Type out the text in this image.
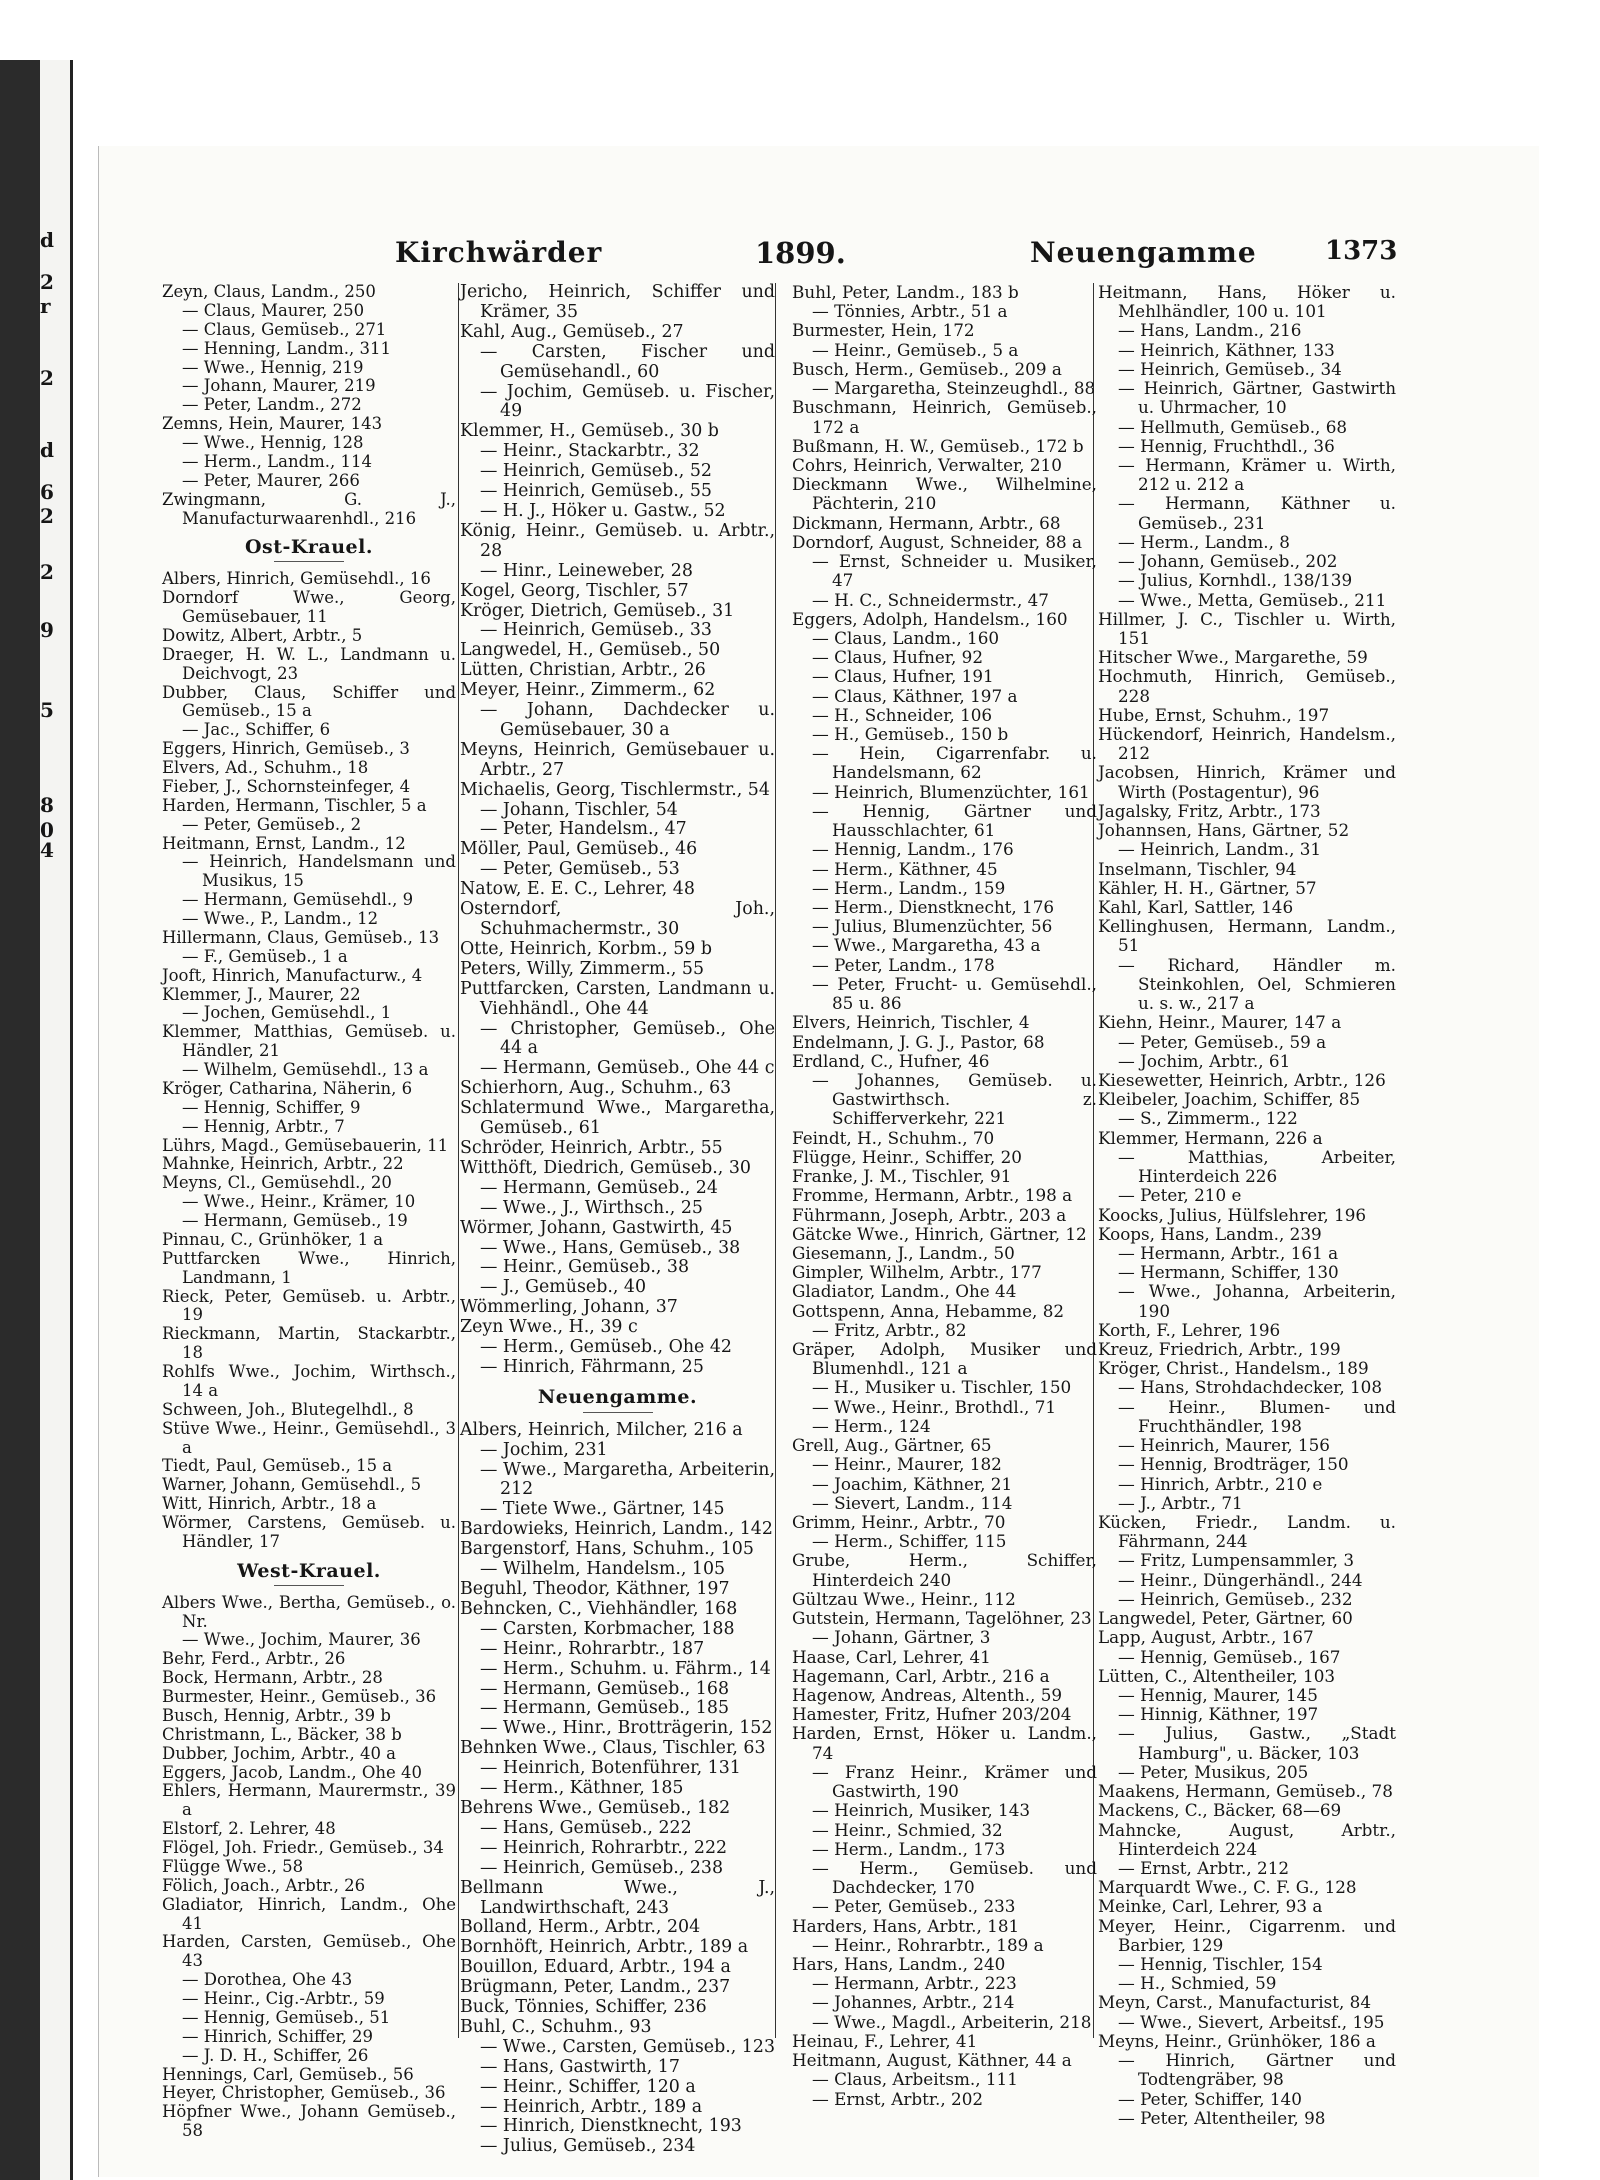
d
2
r
2
d
6
2
2
9
5
8
0
4
Kirchwärder	1899.	Neuengamme	1373
Zeyn, Claus, Landm., 250
— Claus, Maurer, 250
— Claus, Gemüseb., 271
— Henning, Landm., 311
— Wwe., Hennig, 219
— Johann, Maurer, 219
— Peter, Landm., 272
Zemns, Hein, Maurer, 143
— Wwe., Hennig, 128
— Herm., Landm., 114
— Peter, Maurer, 266
Zwingmann, G. J., Manufacturwaarenhdl., 216
Ost-Krauel.
Albers, Hinrich, Gemüsehdl., 16
Dorndorf Wwe., Georg, Gemüsebauer, 11
Dowitz, Albert, Arbtr., 5
Draeger, H. W. L., Landmann u. Deichvogt, 23
Dubber, Claus, Schiffer und Gemüseb., 15 a
— Jac., Schiffer, 6
Eggers, Hinrich, Gemüseb., 3
Elvers, Ad., Schuhm., 18
Fieber, J., Schornsteinfeger, 4
Harden, Hermann, Tischler, 5 a
— Peter, Gemüseb., 2
Heitmann, Ernst, Landm., 12
— Heinrich, Handelsmann und Musikus, 15
— Hermann, Gemüsehdl., 9
— Wwe., P., Landm., 12
Hillermann, Claus, Gemüseb., 13
— F., Gemüseb., 1 a
Jooft, Hinrich, Manufacturw., 4
Klemmer, J., Maurer, 22
— Jochen, Gemüsehdl., 1
Klemmer, Matthias, Gemüseb. u. Händler, 21
— Wilhelm, Gemüsehdl., 13 a
Kröger, Catharina, Näherin, 6
— Hennig, Schiffer, 9
— Hennig, Arbtr., 7
Lührs, Magd., Gemüsebauerin, 11
Mahnke, Heinrich, Arbtr., 22
Meyns, Cl., Gemüsehdl., 20
— Wwe., Heinr., Krämer, 10
— Hermann, Gemüseb., 19
Pinnau, C., Grünhöker, 1 a
Puttfarcken Wwe., Hinrich, Landmann, 1
Rieck, Peter, Gemüseb. u. Arbtr., 19
Rieckmann, Martin, Stackarbtr., 18
Rohlfs Wwe., Jochim, Wirthsch., 14 a
Schween, Joh., Blutegelhdl., 8
Stüve Wwe., Heinr., Gemüsehdl., 3 a
Tiedt, Paul, Gemüseb., 15 a
Warner, Johann, Gemüsehdl., 5
Witt, Hinrich, Arbtr., 18 a
Wörmer, Carstens, Gemüseb. u. Händler, 17
West-Krauel.
Albers Wwe., Bertha, Gemüseb., o. Nr.
— Wwe., Jochim, Maurer, 36
Behr, Ferd., Arbtr., 26
Bock, Hermann, Arbtr., 28
Burmester, Heinr., Gemüseb., 36
Busch, Hennig, Arbtr., 39 b
Christmann, L., Bäcker, 38 b
Dubber, Jochim, Arbtr., 40 a
Eggers, Jacob, Landm., Ohe 40
Ehlers, Hermann, Maurermstr., 39 a
Elstorf, 2. Lehrer, 48
Flögel, Joh. Friedr., Gemüseb., 34
Flügge Wwe., 58
Fölich, Joach., Arbtr., 26
Gladiator, Hinrich, Landm., Ohe 41
Harden, Carsten, Gemüseb., Ohe 43
— Dorothea, Ohe 43
— Heinr., Cig.-Arbtr., 59
— Hennig, Gemüseb., 51
— Hinrich, Schiffer, 29
— J. D. H., Schiffer, 26
Hennings, Carl, Gemüseb., 56
Heyer, Christopher, Gemüseb., 36
Höpfner Wwe., Johann Gemüseb., 58
Jericho, Heinrich, Schiffer und Krämer, 35
Kahl, Aug., Gemüseb., 27
— Carsten, Fischer und Gemüsehandl., 60
— Jochim, Gemüseb. u. Fischer, 49
Klemmer, H., Gemüseb., 30 b
— Heinr., Stackarbtr., 32
— Heinrich, Gemüseb., 52
— Heinrich, Gemüseb., 55
— H. J., Höker u. Gastw., 52
König, Heinr., Gemüseb. u. Arbtr., 28
— Hinr., Leineweber, 28
Kogel, Georg, Tischler, 57
Kröger, Dietrich, Gemüseb., 31
— Heinrich, Gemüseb., 33
Langwedel, H., Gemüseb., 50
Lütten, Christian, Arbtr., 26
Meyer, Heinr., Zimmerm., 62
— Johann, Dachdecker u. Gemüsebauer, 30 a
Meyns, Heinrich, Gemüsebauer u. Arbtr., 27
Michaelis, Georg, Tischlermstr., 54
— Johann, Tischler, 54
— Peter, Handelsm., 47
Möller, Paul, Gemüseb., 46
— Peter, Gemüseb., 53
Natow, E. E. C., Lehrer, 48
Osterndorf, Joh., Schuhmachermstr., 30
Otte, Heinrich, Korbm., 59 b
Peters, Willy, Zimmerm., 55
Puttfarcken, Carsten, Landmann u. Viehhändl., Ohe 44
— Christopher, Gemüseb., Ohe 44 a
— Hermann, Gemüseb., Ohe 44 c
Schierhorn, Aug., Schuhm., 63
Schlatermund Wwe., Margaretha, Gemüseb., 61
Schröder, Heinrich, Arbtr., 55
Witthöft, Diedrich, Gemüseb., 30
— Hermann, Gemüseb., 24
— Wwe., J., Wirthsch., 25
Wörmer, Johann, Gastwirth, 45
— Wwe., Hans, Gemüseb., 38
— Heinr., Gemüseb., 38
— J., Gemüseb., 40
Wömmerling, Johann, 37
Zeyn Wwe., H., 39 c
— Herm., Gemüseb., Ohe 42
— Hinrich, Fährmann, 25
Neuengamme.
Albers, Heinrich, Milcher, 216 a
— Jochim, 231
— Wwe., Margaretha, Arbeiterin, 212
— Tiete Wwe., Gärtner, 145
Bardowieks, Heinrich, Landm., 142
Bargenstorf, Hans, Schuhm., 105
— Wilhelm, Handelsm., 105
Beguhl, Theodor, Käthner, 197
Behncken, C., Viehhändler, 168
— Carsten, Korbmacher, 188
— Heinr., Rohrarbtr., 187
— Herm., Schuhm. u. Fährm., 14
— Hermann, Gemüseb., 168
— Hermann, Gemüseb., 185
— Wwe., Hinr., Brotträgerin, 152
Behnken Wwe., Claus, Tischler, 63
— Heinrich, Botenführer, 131
— Herm., Käthner, 185
Behrens Wwe., Gemüseb., 182
— Hans, Gemüseb., 222
— Heinrich, Rohrarbtr., 222
— Heinrich, Gemüseb., 238
Bellmann Wwe., J., Landwirthschaft, 243
Bolland, Herm., Arbtr., 204
Bornhöft, Heinrich, Arbtr., 189 a
Bouillon, Eduard, Arbtr., 194 a
Brügmann, Peter, Landm., 237
Buck, Tönnies, Schiffer, 236
Buhl, C., Schuhm., 93
— Wwe., Carsten, Gemüseb., 123
— Hans, Gastwirth, 17
— Heinr., Schiffer, 120 a
— Heinrich, Arbtr., 189 a
— Hinrich, Dienstknecht, 193
— Julius, Gemüseb., 234
Buhl, Peter, Landm., 183 b
— Tönnies, Arbtr., 51 a
Burmester, Hein, 172
— Heinr., Gemüseb., 5 a
Busch, Herm., Gemüseb., 209 a
— Margaretha, Steinzeughdl., 88
Buschmann, Heinrich, Gemüseb., 172 a
Bußmann, H. W., Gemüseb., 172 b
Cohrs, Heinrich, Verwalter, 210
Dieckmann Wwe., Wilhelmine, Pächterin, 210
Dickmann, Hermann, Arbtr., 68
Dorndorf, August, Schneider, 88 a
— Ernst, Schneider u. Musiker, 47
— H. C., Schneidermstr., 47
Eggers, Adolph, Handelsm., 160
— Claus, Landm., 160
— Claus, Hufner, 92
— Claus, Hufner, 191
— Claus, Käthner, 197 a
— H., Schneider, 106
— H., Gemüseb., 150 b
— Hein, Cigarrenfabr. u. Handelsmann, 62
— Heinrich, Blumenzüchter, 161
— Hennig, Gärtner und Hausschlachter, 61
— Hennig, Landm., 176
— Herm., Käthner, 45
— Herm., Landm., 159
— Herm., Dienstknecht, 176
— Julius, Blumenzüchter, 56
— Wwe., Margaretha, 43 a
— Peter, Landm., 178
— Peter, Frucht- u. Gemüsehdl., 85 u. 86
Elvers, Heinrich, Tischler, 4
Endelmann, J. G. J., Pastor, 68
Erdland, C., Hufner, 46
— Johannes, Gemüseb. u. Gastwirthsch. z. Schifferverkehr, 221
Feindt, H., Schuhm., 70
Flügge, Heinr., Schiffer, 20
Franke, J. M., Tischler, 91
Fromme, Hermann, Arbtr., 198 a
Führmann, Joseph, Arbtr., 203 a
Gätcke Wwe., Hinrich, Gärtner, 12
Giesemann, J., Landm., 50
Gimpler, Wilhelm, Arbtr., 177
Gladiator, Landm., Ohe 44
Gottspenn, Anna, Hebamme, 82
— Fritz, Arbtr., 82
Gräper, Adolph, Musiker und Blumenhdl., 121 a
— H., Musiker u. Tischler, 150
— Wwe., Heinr., Brothdl., 71
— Herm., 124
Grell, Aug., Gärtner, 65
— Heinr., Maurer, 182
— Joachim, Käthner, 21
— Sievert, Landm., 114
Grimm, Heinr., Arbtr., 70
— Herm., Schiffer, 115
Grube, Herm., Schiffer, Hinterdeich 240
Gültzau Wwe., Heinr., 112
Gutstein, Hermann, Tagelöhner, 23
— Johann, Gärtner, 3
Haase, Carl, Lehrer, 41
Hagemann, Carl, Arbtr., 216 a
Hagenow, Andreas, Altenth., 59
Hamester, Fritz, Hufner 203/204
Harden, Ernst, Höker u. Landm., 74
— Franz Heinr., Krämer und Gastwirth, 190
— Heinrich, Musiker, 143
— Heinr., Schmied, 32
— Herm., Landm., 173
— Herm., Gemüseb. und Dachdecker, 170
— Peter, Gemüseb., 233
Harders, Hans, Arbtr., 181
— Heinr., Rohrarbtr., 189 a
Hars, Hans, Landm., 240
— Hermann, Arbtr., 223
— Johannes, Arbtr., 214
— Wwe., Magdl., Arbeiterin, 218
Heinau, F., Lehrer, 41
Heitmann, August, Käthner, 44 a
— Claus, Arbeitsm., 111
— Ernst, Arbtr., 202
Heitmann, Hans, Höker u. Mehlhändler, 100 u. 101
— Hans, Landm., 216
— Heinrich, Käthner, 133
— Heinrich, Gemüseb., 34
— Heinrich, Gärtner, Gastwirth u. Uhrmacher, 10
— Hellmuth, Gemüseb., 68
— Hennig, Fruchthdl., 36
— Hermann, Krämer u. Wirth, 212 u. 212 a
— Hermann, Käthner u. Gemüseb., 231
— Herm., Landm., 8
— Johann, Gemüseb., 202
— Julius, Kornhdl., 138/139
— Wwe., Metta, Gemüseb., 211
Hillmer, J. C., Tischler u. Wirth, 151
Hitscher Wwe., Margarethe, 59
Hochmuth, Hinrich, Gemüseb., 228
Hube, Ernst, Schuhm., 197
Hückendorf, Heinrich, Handelsm., 212
Jacobsen, Hinrich, Krämer und Wirth (Postagentur), 96
Jagalsky, Fritz, Arbtr., 173
Johannsen, Hans, Gärtner, 52
— Heinrich, Landm., 31
Inselmann, Tischler, 94
Kähler, H. H., Gärtner, 57
Kahl, Karl, Sattler, 146
Kellinghusen, Hermann, Landm., 51
— Richard, Händler m. Steinkohlen, Oel, Schmieren u. s. w., 217 a
Kiehn, Heinr., Maurer, 147 a
— Peter, Gemüseb., 59 a
— Jochim, Arbtr., 61
Kiesewetter, Heinrich, Arbtr., 126
Kleibeler, Joachim, Schiffer, 85
— S., Zimmerm., 122
Klemmer, Hermann, 226 a
— Matthias, Arbeiter, Hinterdeich 226
— Peter, 210 e
Koocks, Julius, Hülfslehrer, 196
Koops, Hans, Landm., 239
— Hermann, Arbtr., 161 a
— Hermann, Schiffer, 130
— Wwe., Johanna, Arbeiterin, 190
Korth, F., Lehrer, 196
Kreuz, Friedrich, Arbtr., 199
Kröger, Christ., Handelsm., 189
— Hans, Strohdachdecker, 108
— Heinr., Blumen- und Fruchthändler, 198
— Heinrich, Maurer, 156
— Hennig, Brodträger, 150
— Hinrich, Arbtr., 210 e
— J., Arbtr., 71
Kücken, Friedr., Landm. u. Fährmann, 244
— Fritz, Lumpensammler, 3
— Heinr., Düngerhändl., 244
— Heinrich, Gemüseb., 232
Langwedel, Peter, Gärtner, 60
Lapp, August, Arbtr., 167
— Hennig, Gemüseb., 167
Lütten, C., Altentheiler, 103
— Hennig, Maurer, 145
— Hinnig, Käthner, 197
— Julius, Gastw., „Stadt Hamburg", u. Bäcker, 103
— Peter, Musikus, 205
Maakens, Hermann, Gemüseb., 78
Mackens, C., Bäcker, 68—69
Mahncke, August, Arbtr., Hinterdeich 224
— Ernst, Arbtr., 212
Marquardt Wwe., C. F. G., 128
Meinke, Carl, Lehrer, 93 a
Meyer, Heinr., Cigarrenm. und Barbier, 129
— Hennig, Tischler, 154
— H., Schmied, 59
Meyn, Carst., Manufacturist, 84
— Wwe., Sievert, Arbeitsf., 195
Meyns, Heinr., Grünhöker, 186 a
— Hinrich, Gärtner und Todtengräber, 98
— Peter, Schiffer, 140
— Peter, Altentheiler, 98
